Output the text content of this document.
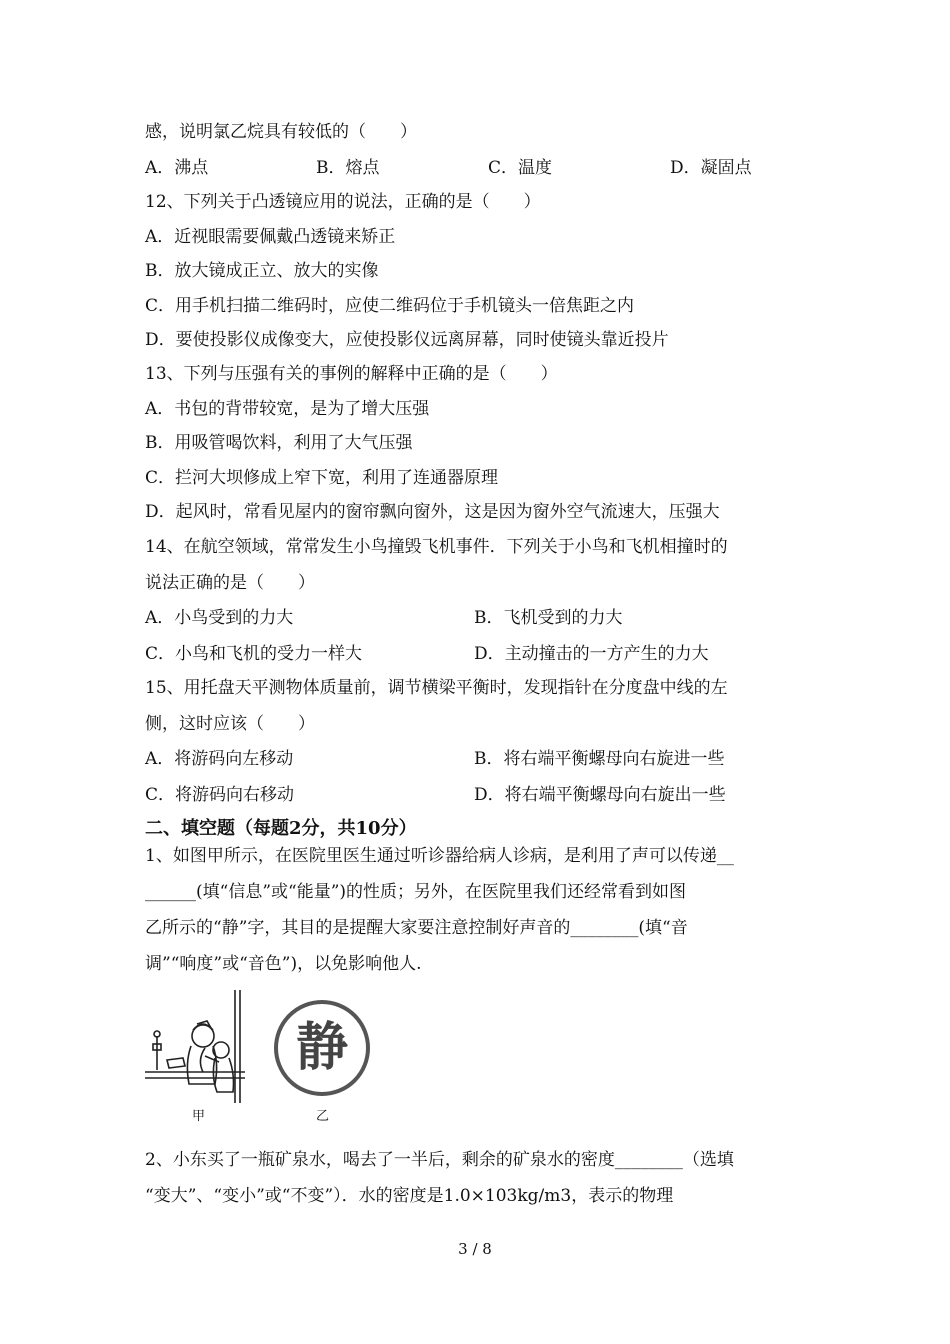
感，说明氯乙烷具有较低的（　　）
A．沸点	B．熔点	C．温度	D．凝固点
12、下列关于凸透镜应用的说法，正确的是（　　）
A．近视眼需要佩戴凸透镜来矫正
B．放大镜成正立、放大的实像
C．用手机扫描二维码时，应使二维码位于手机镜头一倍焦距之内
D．要使投影仪成像变大，应使投影仪远离屏幕，同时使镜头靠近投片
13、下列与压强有关的事例的解释中正确的是（　　）
A．书包的背带较宽，是为了增大压强
B．用吸管喝饮料，利用了大气压强
C．拦河大坝修成上窄下宽，利用了连通器原理
D．起风时，常看见屋内的窗帘飘向窗外，这是因为窗外空气流速大，压强大
14、在航空领域，常常发生小鸟撞毁飞机事件．下列关于小鸟和飞机相撞时的
说法正确的是（　　）
A．小鸟受到的力大	B．飞机受到的力大
C．小鸟和飞机的受力一样大	D．主动撞击的一方产生的力大
15、用托盘天平测物体质量前，调节横梁平衡时，发现指针在分度盘中线的左
侧，这时应该（　　）
A．将游码向左移动	B．将右端平衡螺母向右旋进一些
C．将游码向右移动	D．将右端平衡螺母向右旋出一些
二、填空题（每题2分，共10分）
1、如图甲所示，在医院里医生通过听诊器给病人诊病，是利用了声可以传递__
______(填“信息”或“能量”)的性质；另外，在医院里我们还经常看到如图
乙所示的“静”字，其目的是提醒大家要注意控制好声音的________(填“音
调”“响度”或“音色”)，以免影响他人.
甲
静
乙
2、小东买了一瓶矿泉水，喝去了一半后，剩余的矿泉水的密度________（选填
“变大”、“变小”或“不变”）．水的密度是1.0×103kg/m3，表示的物理
3 / 8
